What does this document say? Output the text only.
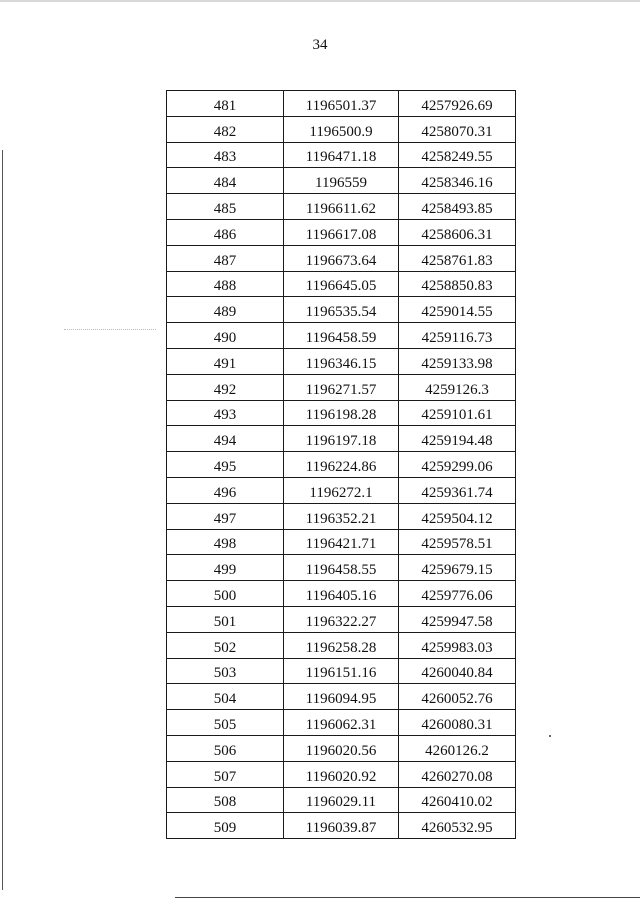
34
481	1196501.37	4257926.69
482	1196500.9	4258070.31
483	1196471.18	4258249.55
484	1196559	4258346.16
485	1196611.62	4258493.85
486	1196617.08	4258606.31
487	1196673.64	4258761.83
488	1196645.05	4258850.83
489	1196535.54	4259014.55
490	1196458.59	4259116.73
491	1196346.15	4259133.98
492	1196271.57	4259126.3
493	1196198.28	4259101.61
494	1196197.18	4259194.48
495	1196224.86	4259299.06
496	1196272.1	4259361.74
497	1196352.21	4259504.12
498	1196421.71	4259578.51
499	1196458.55	4259679.15
500	1196405.16	4259776.06
501	1196322.27	4259947.58
502	1196258.28	4259983.03
503	1196151.16	4260040.84
504	1196094.95	4260052.76
505	1196062.31	4260080.31
506	1196020.56	4260126.2
507	1196020.92	4260270.08
508	1196029.11	4260410.02
509	1196039.87	4260532.95
